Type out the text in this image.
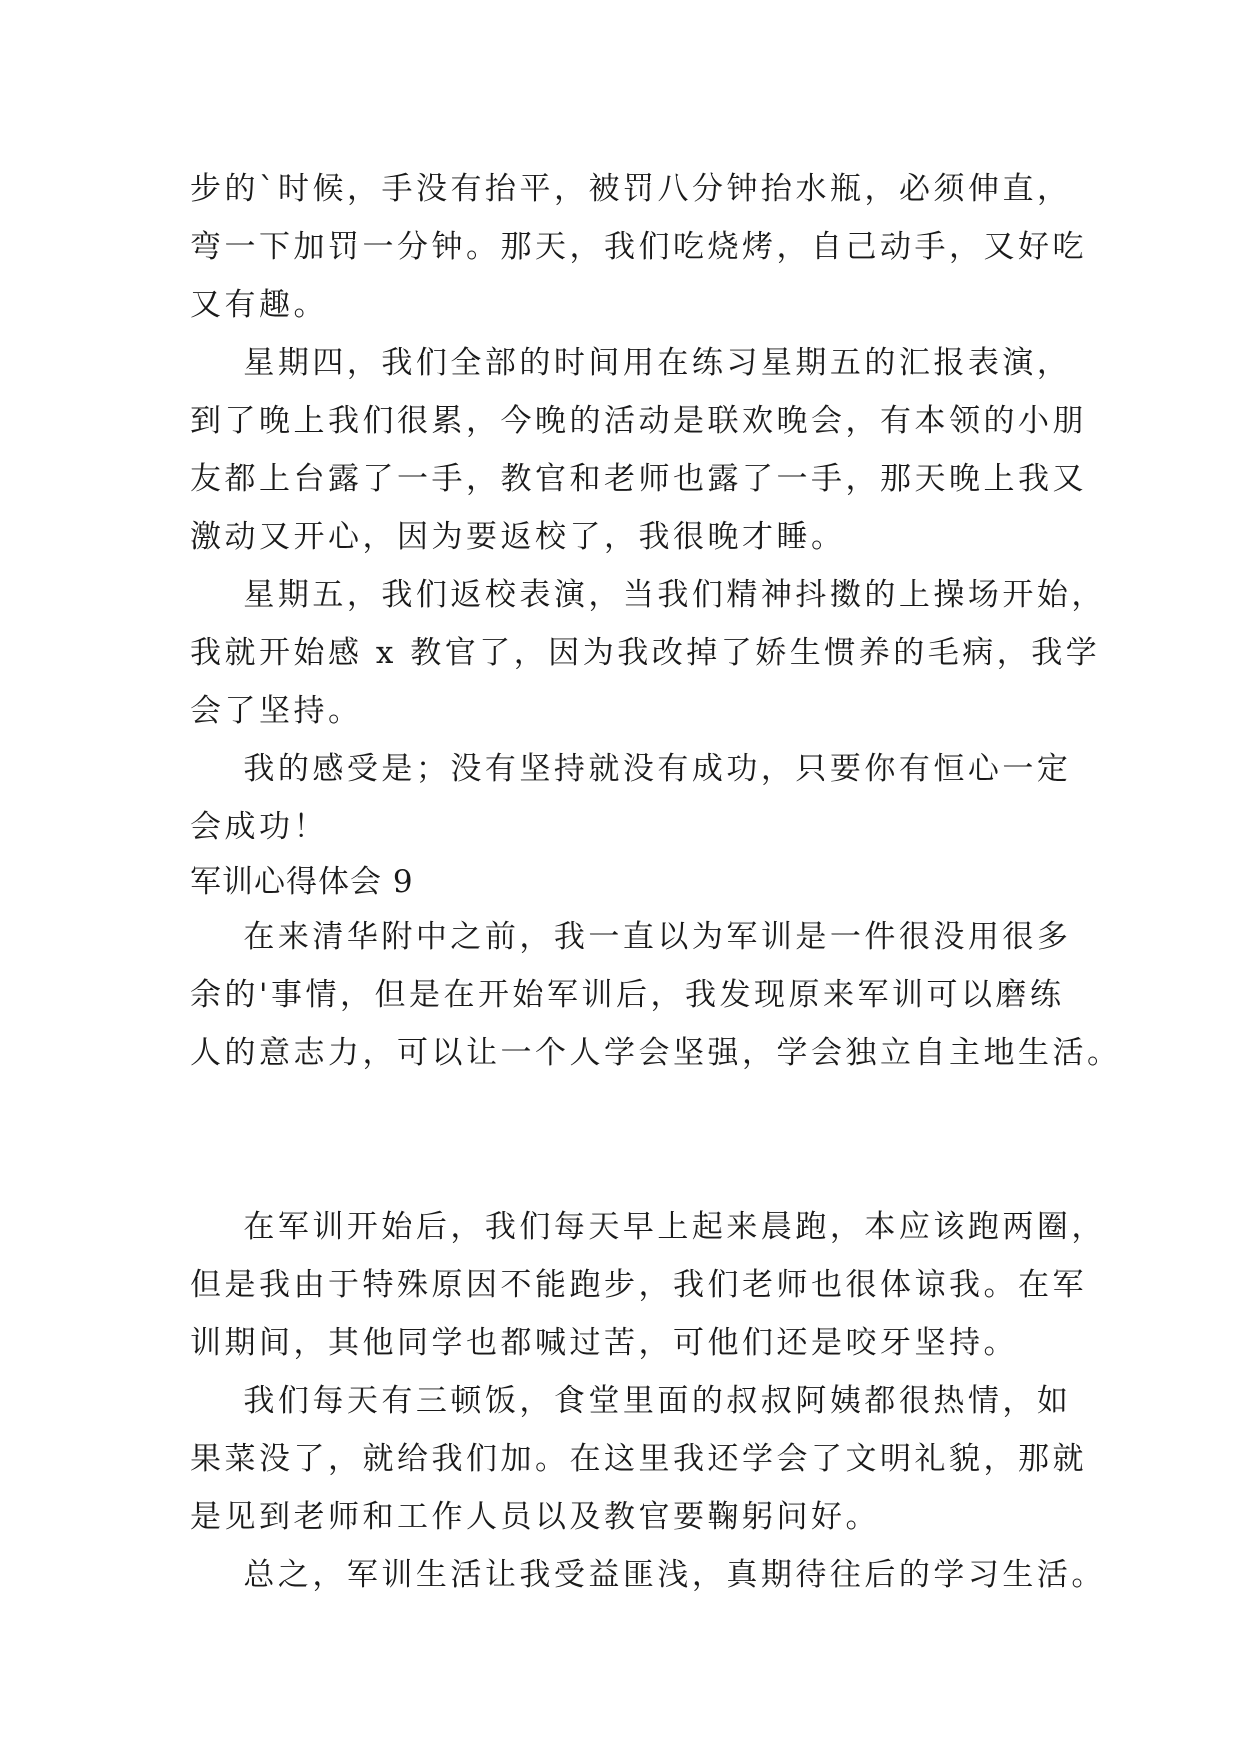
步的`时候，手没有抬平，被罚八分钟抬水瓶，必须伸直，
弯一下加罚一分钟。那天，我们吃烧烤，自己动手，又好吃
又有趣。
星期四，我们全部的时间用在练习星期五的汇报表演，
到了晚上我们很累，今晚的活动是联欢晚会，有本领的小朋
友都上台露了一手，教官和老师也露了一手，那天晚上我又
激动又开心，因为要返校了，我很晚才睡。
星期五，我们返校表演，当我们精神抖擞的上操场开始，
我就开始感 x 教官了，因为我改掉了娇生惯养的毛病，我学
会了坚持。
我的感受是；没有坚持就没有成功，只要你有恒心一定
会成功！
军训心得体会 9
在来清华附中之前，我一直以为军训是一件很没用很多
余的'事情，但是在开始军训后，我发现原来军训可以磨练
人的意志力，可以让一个人学会坚强，学会独立自主地生活。
在军训开始后，我们每天早上起来晨跑，本应该跑两圈，
但是我由于特殊原因不能跑步，我们老师也很体谅我。在军
训期间，其他同学也都喊过苦，可他们还是咬牙坚持。
我们每天有三顿饭，食堂里面的叔叔阿姨都很热情，如
果菜没了，就给我们加。在这里我还学会了文明礼貌，那就
是见到老师和工作人员以及教官要鞠躬问好。
总之，军训生活让我受益匪浅，真期待往后的学习生活。
